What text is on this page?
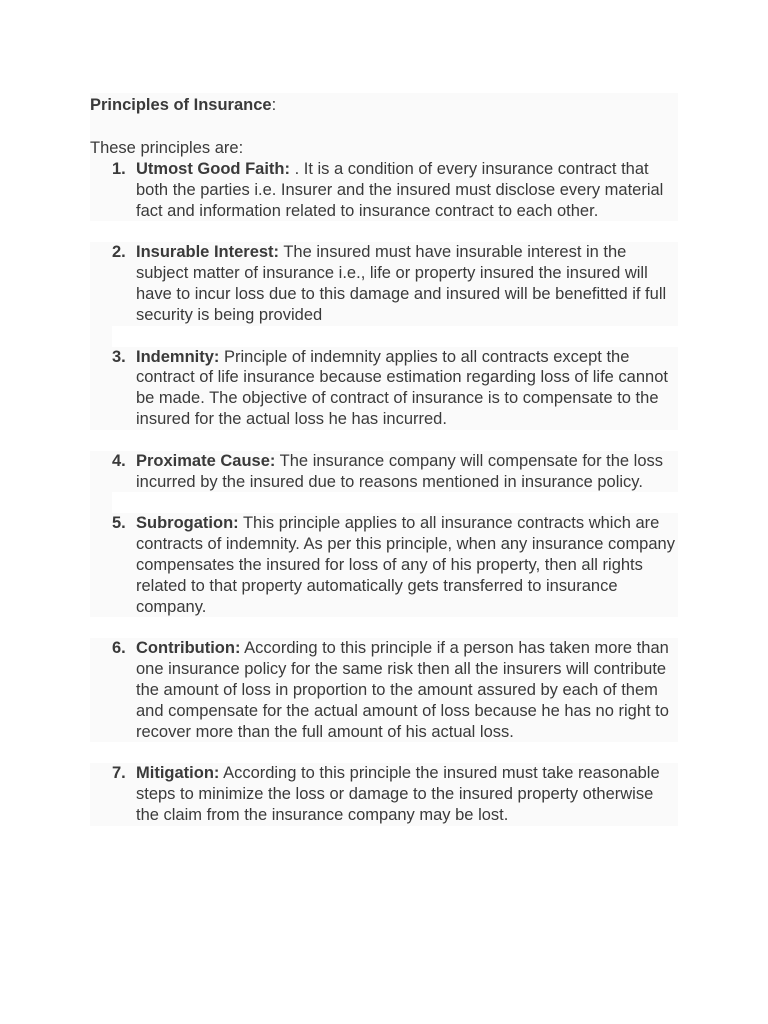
Principles of Insurance:
These principles are:
1. Utmost Good Faith: . It is a condition of every insurance contract that both the parties i.e. Insurer and the insured must disclose every material fact and information related to insurance contract to each other.
2. Insurable Interest: The insured must have insurable interest in the subject matter of insurance i.e., life or property insured the insured will have to incur loss due to this damage and insured will be benefitted if full security is being provided
3. Indemnity: Principle of indemnity applies to all contracts except the contract of life insurance because estimation regarding loss of life cannot be made. The objective of contract of insurance is to compensate to the insured for the actual loss he has incurred.
4. Proximate Cause: The insurance company will compensate for the loss incurred by the insured due to reasons mentioned in insurance policy.
5. Subrogation: This principle applies to all insurance contracts which are contracts of indemnity. As per this principle, when any insurance company compensates the insured for loss of any of his property, then all rights related to that property automatically gets transferred to insurance company.
6. Contribution: According to this principle if a person has taken more than one insurance policy for the same risk then all the insurers will contribute the amount of loss in proportion to the amount assured by each of them and compensate for the actual amount of loss because he has no right to recover more than the full amount of his actual loss.
7. Mitigation: According to this principle the insured must take reasonable steps to minimize the loss or damage to the insured property otherwise the claim from the insurance company may be lost.
